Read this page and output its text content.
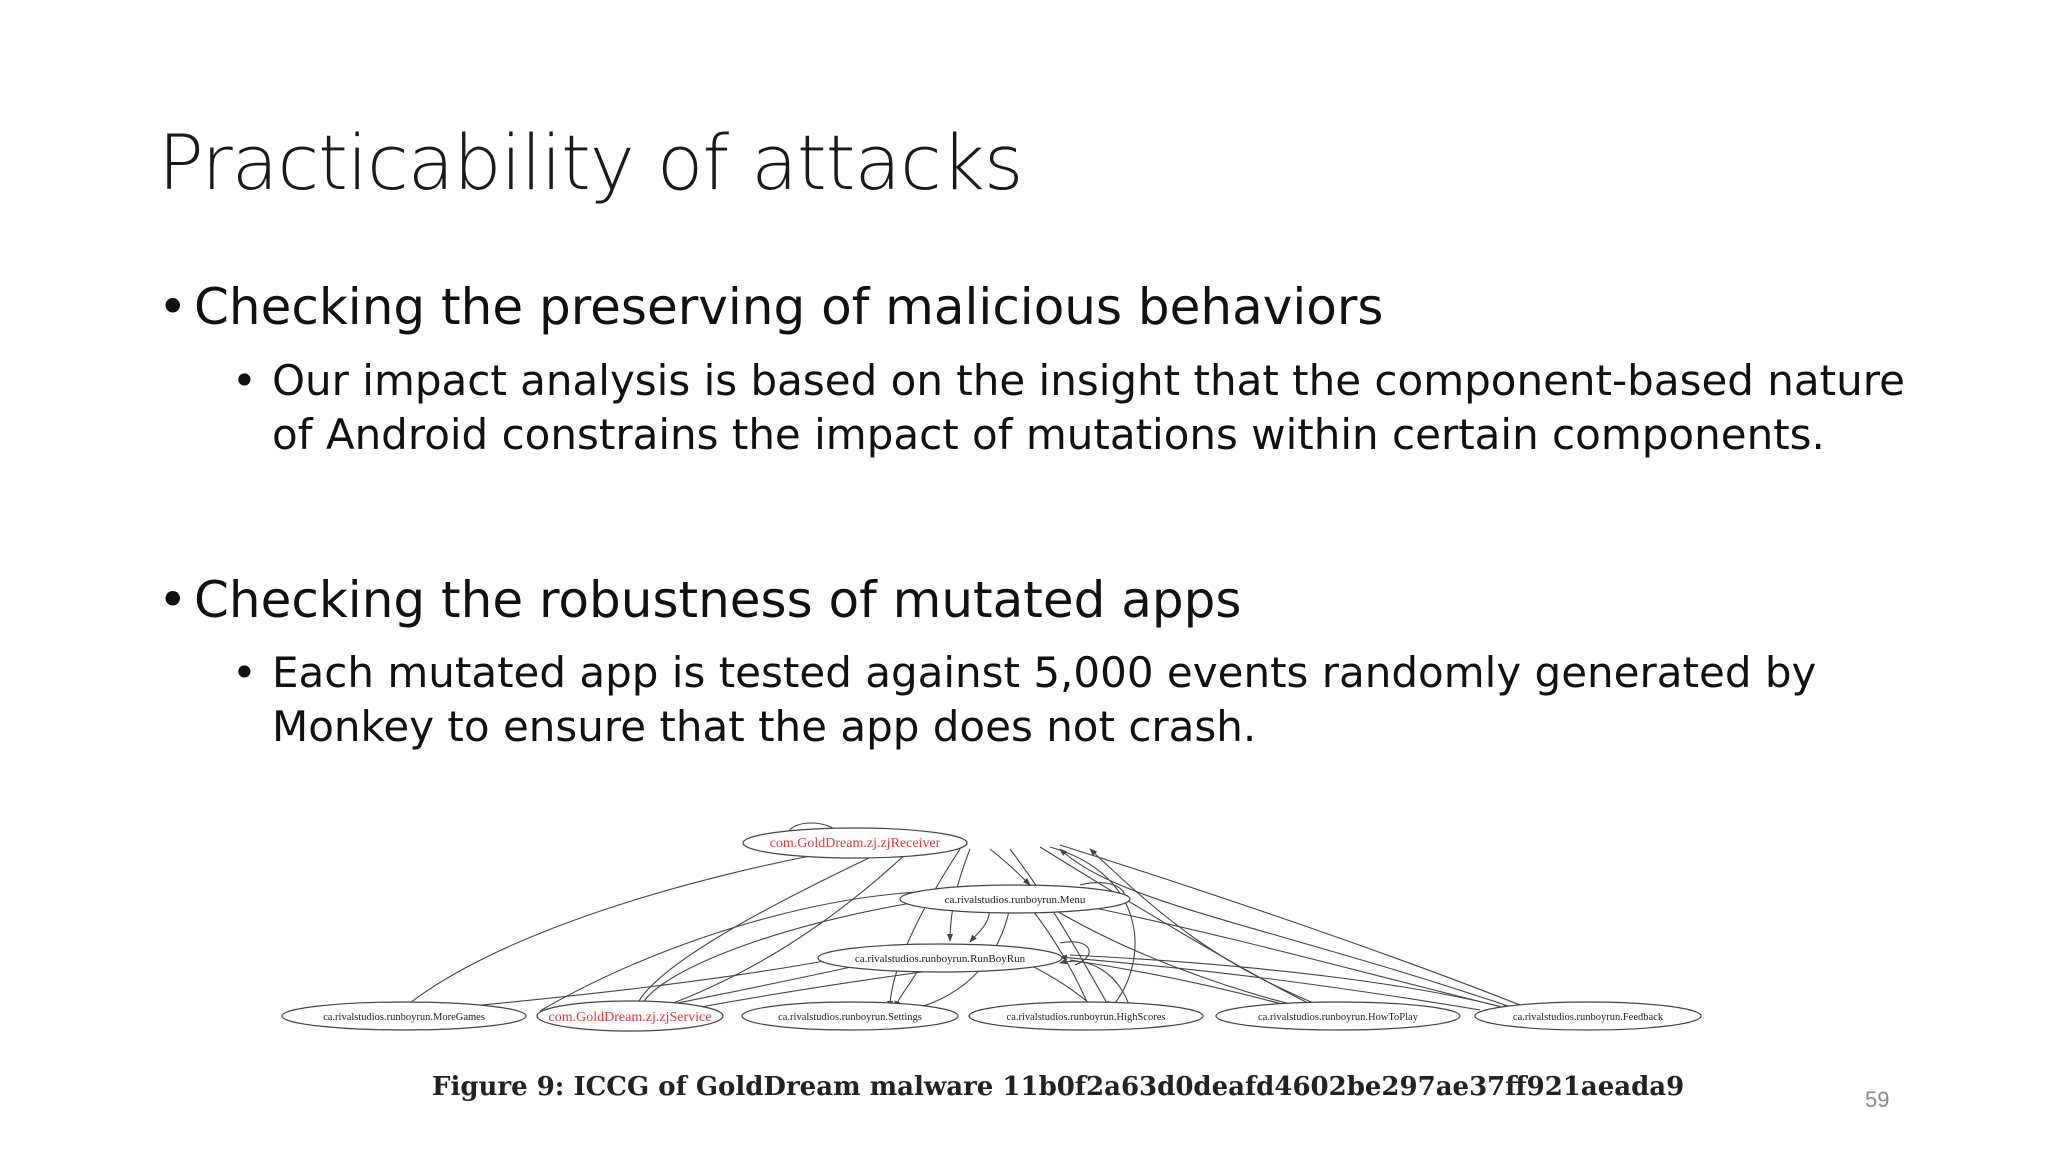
Practicability of attacks
• Checking the preserving of malicious behaviors
• Our impact analysis is based on the insight that the component-based nature of Android constrains the impact of mutations within certain components.
• Checking the robustness of mutated apps
• Each mutated app is tested against 5,000 events randomly generated by Monkey to ensure that the app does not crash.
com.GoldDream.zj.zjReceiver
ca.rivalstudios.runboyrun.Menu
ca.rivalstudios.runboyrun.RunBoyRun
ca.rivalstudios.runboyrun.MoreGames	com.GoldDream.zj.zjService	ca.rivalstudios.runboyrun.Settings	ca.rivalstudios.runboyrun.HighScores	ca.rivalstudios.runboyrun.HowToPlay	ca.rivalstudios.runboyrun.Feedback
Figure 9: ICCG of GoldDream malware 11b0f2a63d0deafd4602be297ae37ff921aeada9	59
